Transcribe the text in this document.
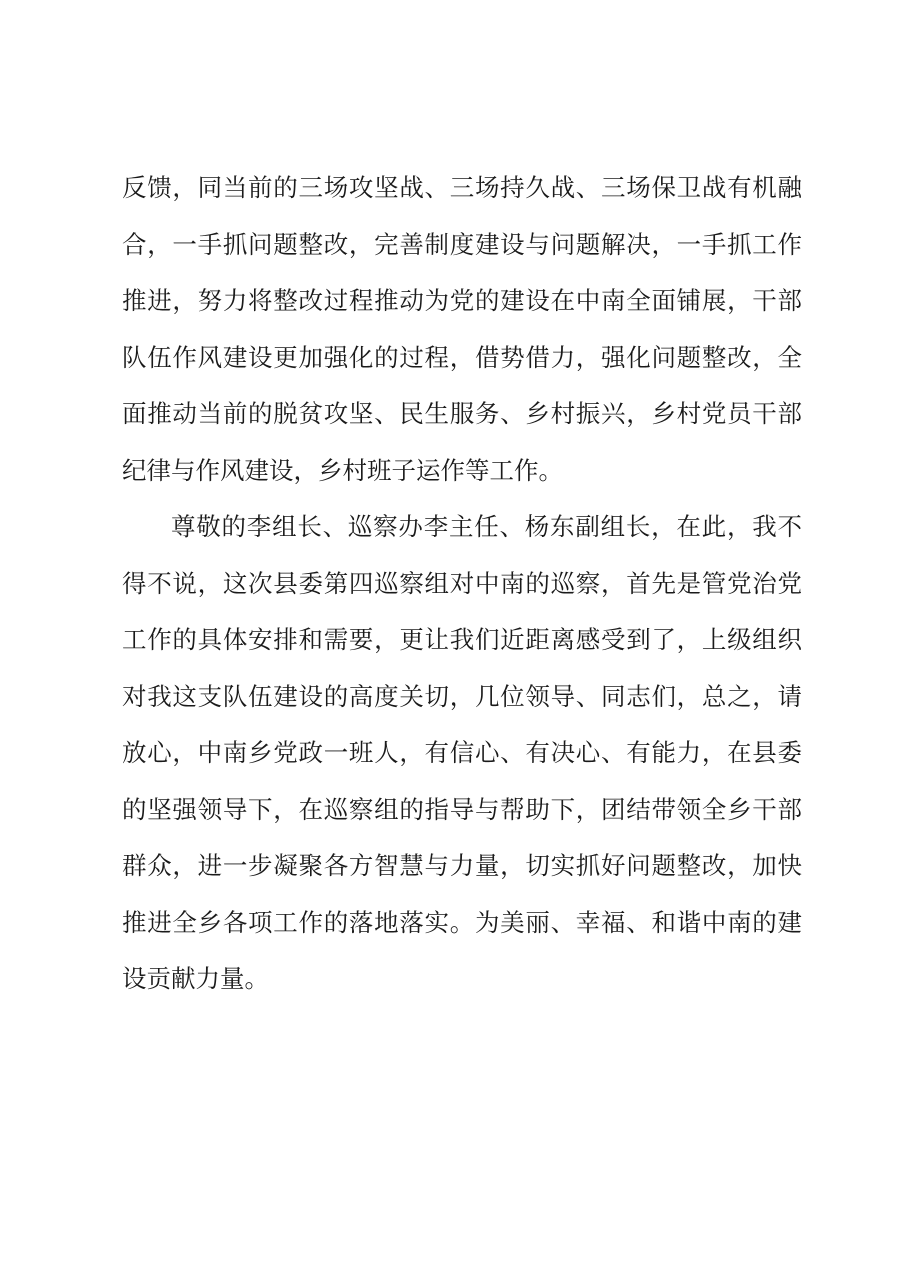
反馈，同当前的三场攻坚战、三场持久战、三场保卫战有机融
合，一手抓问题整改，完善制度建设与问题解决，一手抓工作
推进，努力将整改过程推动为党的建设在中南全面铺展，干部
队伍作风建设更加强化的过程，借势借力，强化问题整改，全
面推动当前的脱贫攻坚、民生服务、乡村振兴，乡村党员干部
纪律与作风建设，乡村班子运作等工作。
尊敬的李组长、巡察办李主任、杨东副组长，在此，我不
得不说，这次县委第四巡察组对中南的巡察，首先是管党治党
工作的具体安排和需要，更让我们近距离感受到了，上级组织
对我这支队伍建设的高度关切，几位领导、同志们，总之，请
放心，中南乡党政一班人，有信心、有决心、有能力，在县委
的坚强领导下，在巡察组的指导与帮助下，团结带领全乡干部
群众，进一步凝聚各方智慧与力量，切实抓好问题整改，加快
推进全乡各项工作的落地落实。为美丽、幸福、和谐中南的建
设贡献力量。
